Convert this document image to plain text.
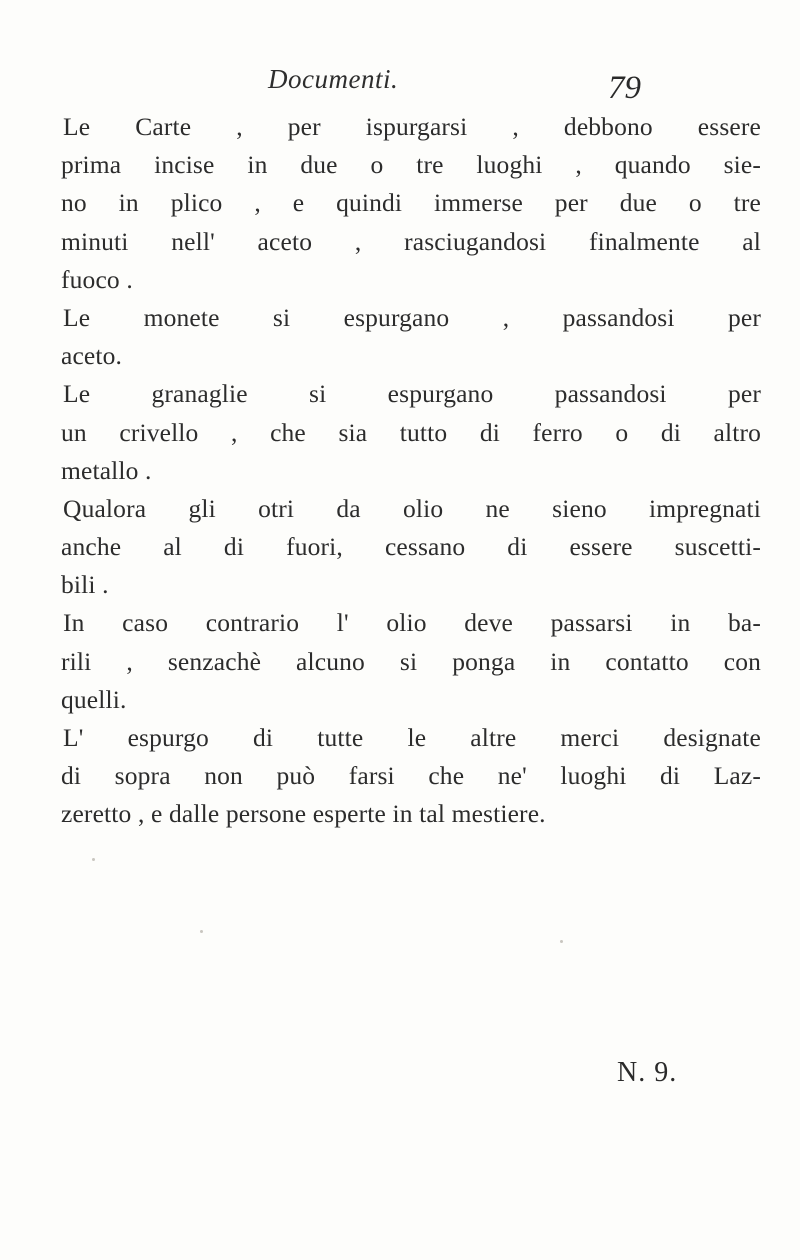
Documenti.	79
Le Carte , per ispurgarsi , debbono essere
prima incise in due o tre luoghi , quando sie-
no in plico , e quindi immerse per due o tre
minuti nell' aceto , rasciugandosi finalmente al
fuoco .
Le monete si espurgano , passandosi per
aceto.
Le granaglie si espurgano passandosi per
un crivello , che sia tutto di ferro o di altro
metallo .
Qualora gli otri da olio ne sieno impregnati
anche al di fuori, cessano di essere suscetti-
bili .
In caso contrario l' olio deve passarsi in ba-
rili , senzachè alcuno si ponga in contatto con
quelli.
L' espurgo di tutte le altre merci designate
di sopra non può farsi che ne' luoghi di Laz-
zeretto , e dalle persone esperte in tal mestiere.
N. 9.
